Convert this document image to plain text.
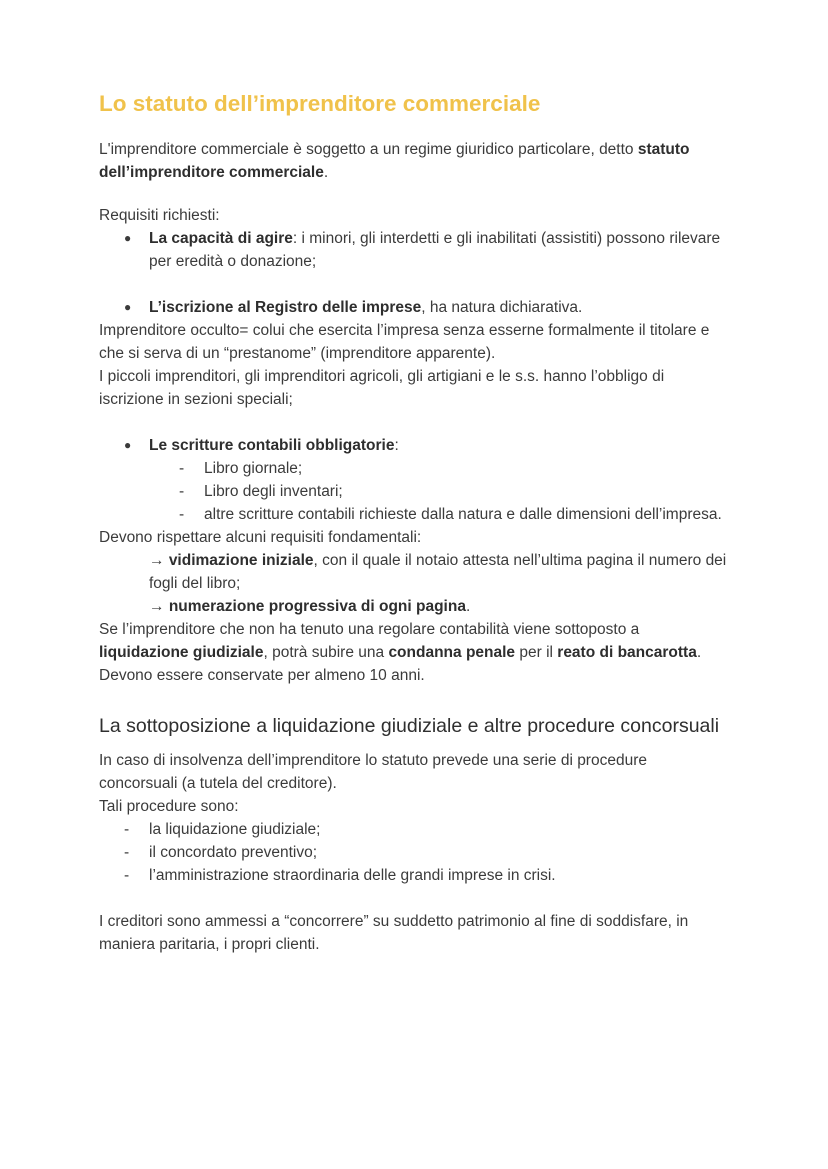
Lo statuto dell’imprenditore commerciale

L'imprenditore commerciale è soggetto a un regime giuridico particolare, detto statuto dell’imprenditore commerciale.

Requisiti richiesti:

●	La capacità di agire: i minori, gli interdetti e gli inabilitati (assistiti) possono rilevare per eredità o donazione;
●	L’iscrizione al Registro delle imprese, ha natura dichiarativa.

Imprenditore occulto= colui che esercita l’impresa senza esserne formalmente il titolare e che si serva di un “prestanome” (imprenditore apparente).

I piccoli imprenditori, gli imprenditori agricoli, gli artigiani e le s.s. hanno l’obbligo di iscrizione in sezioni speciali;

●	Le scritture contabili obbligatorie:
-	Libro giornale;
-	Libro degli inventari;
-	altre scritture contabili richieste dalla natura e dalle dimensioni dell’impresa.

Devono rispettare alcuni requisiti fondamentali:

→ vidimazione iniziale, con il quale il notaio attesta nell’ultima pagina il numero dei fogli del libro;

→ numerazione progressiva di ogni pagina.

Se l’imprenditore che non ha tenuto una regolare contabilità viene sottoposto a liquidazione giudiziale, potrà subire una condanna penale per il reato di bancarotta.

Devono essere conservate per almeno 10 anni.

La sottoposizione a liquidazione giudiziale e altre procedure concorsuali

In caso di insolvenza dell’imprenditore lo statuto prevede una serie di procedure concorsuali (a tutela del creditore).

Tali procedure sono:

-	la liquidazione giudiziale;
-	il concordato preventivo;
-	l’amministrazione straordinaria delle grandi imprese in crisi.

I creditori sono ammessi a “concorrere” su suddetto patrimonio al fine di soddisfare, in maniera paritaria, i propri clienti.
